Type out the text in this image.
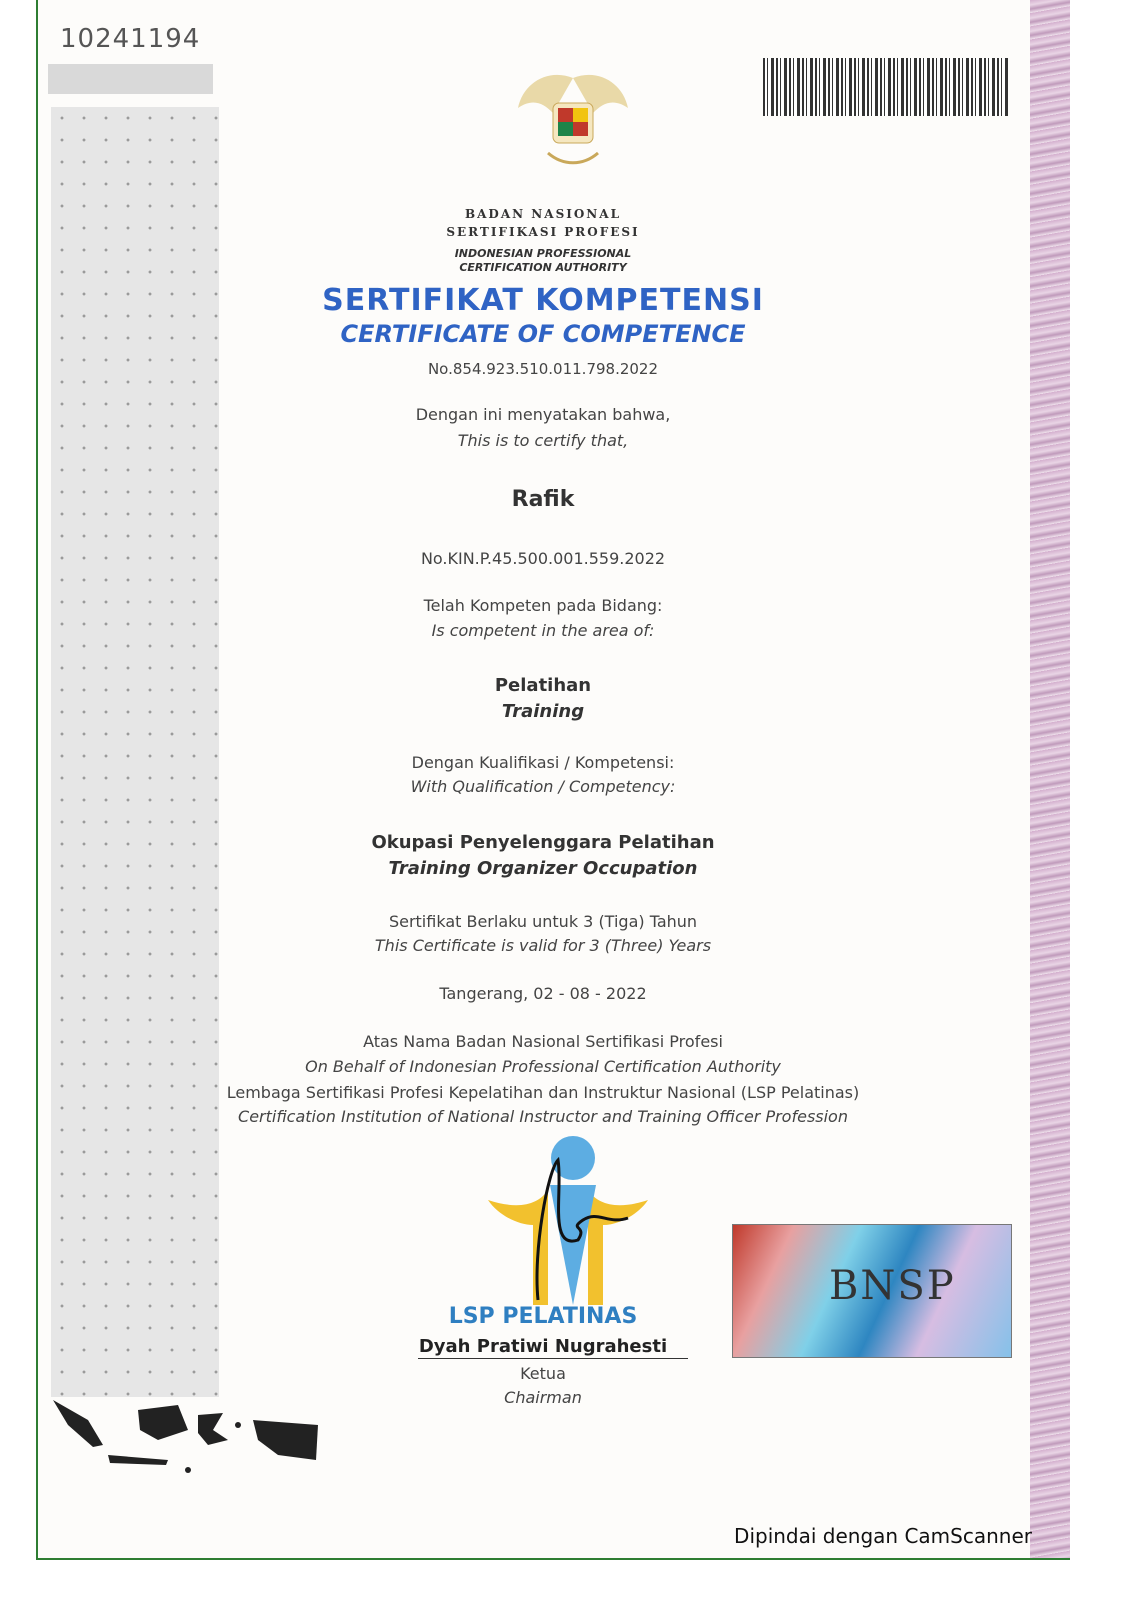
10241194
BADAN NASIONAL
SERTIFIKASI PROFESI
INDONESIAN PROFESSIONAL
CERTIFICATION AUTHORITY
SERTIFIKAT KOMPETENSI
CERTIFICATE OF COMPETENCE
No.854.923.510.011.798.2022
Dengan ini menyatakan bahwa,
This is to certify that,
Rafik
No.KIN.P.45.500.001.559.2022
Telah Kompeten pada Bidang:
Is competent in the area of:
Pelatihan
Training
Dengan Kualifikasi / Kompetensi:
With Qualification / Competency:
Okupasi Penyelenggara Pelatihan
Training Organizer Occupation
Sertifikat Berlaku untuk 3 (Tiga) Tahun
This Certificate is valid for 3 (Three) Years
Tangerang, 02 - 08 - 2022
Atas Nama Badan Nasional Sertifikasi Profesi
On Behalf of Indonesian Professional Certification Authority
Lembaga Sertifikasi Profesi Kepelatihan dan Instruktur Nasional (LSP Pelatinas)
Certification Institution of National Instructor and Training Officer Profession
LSP PELATINAS
Dyah Pratiwi Nugrahesti
Ketua
Chairman
BNSP
Dipindai dengan CamScanner
